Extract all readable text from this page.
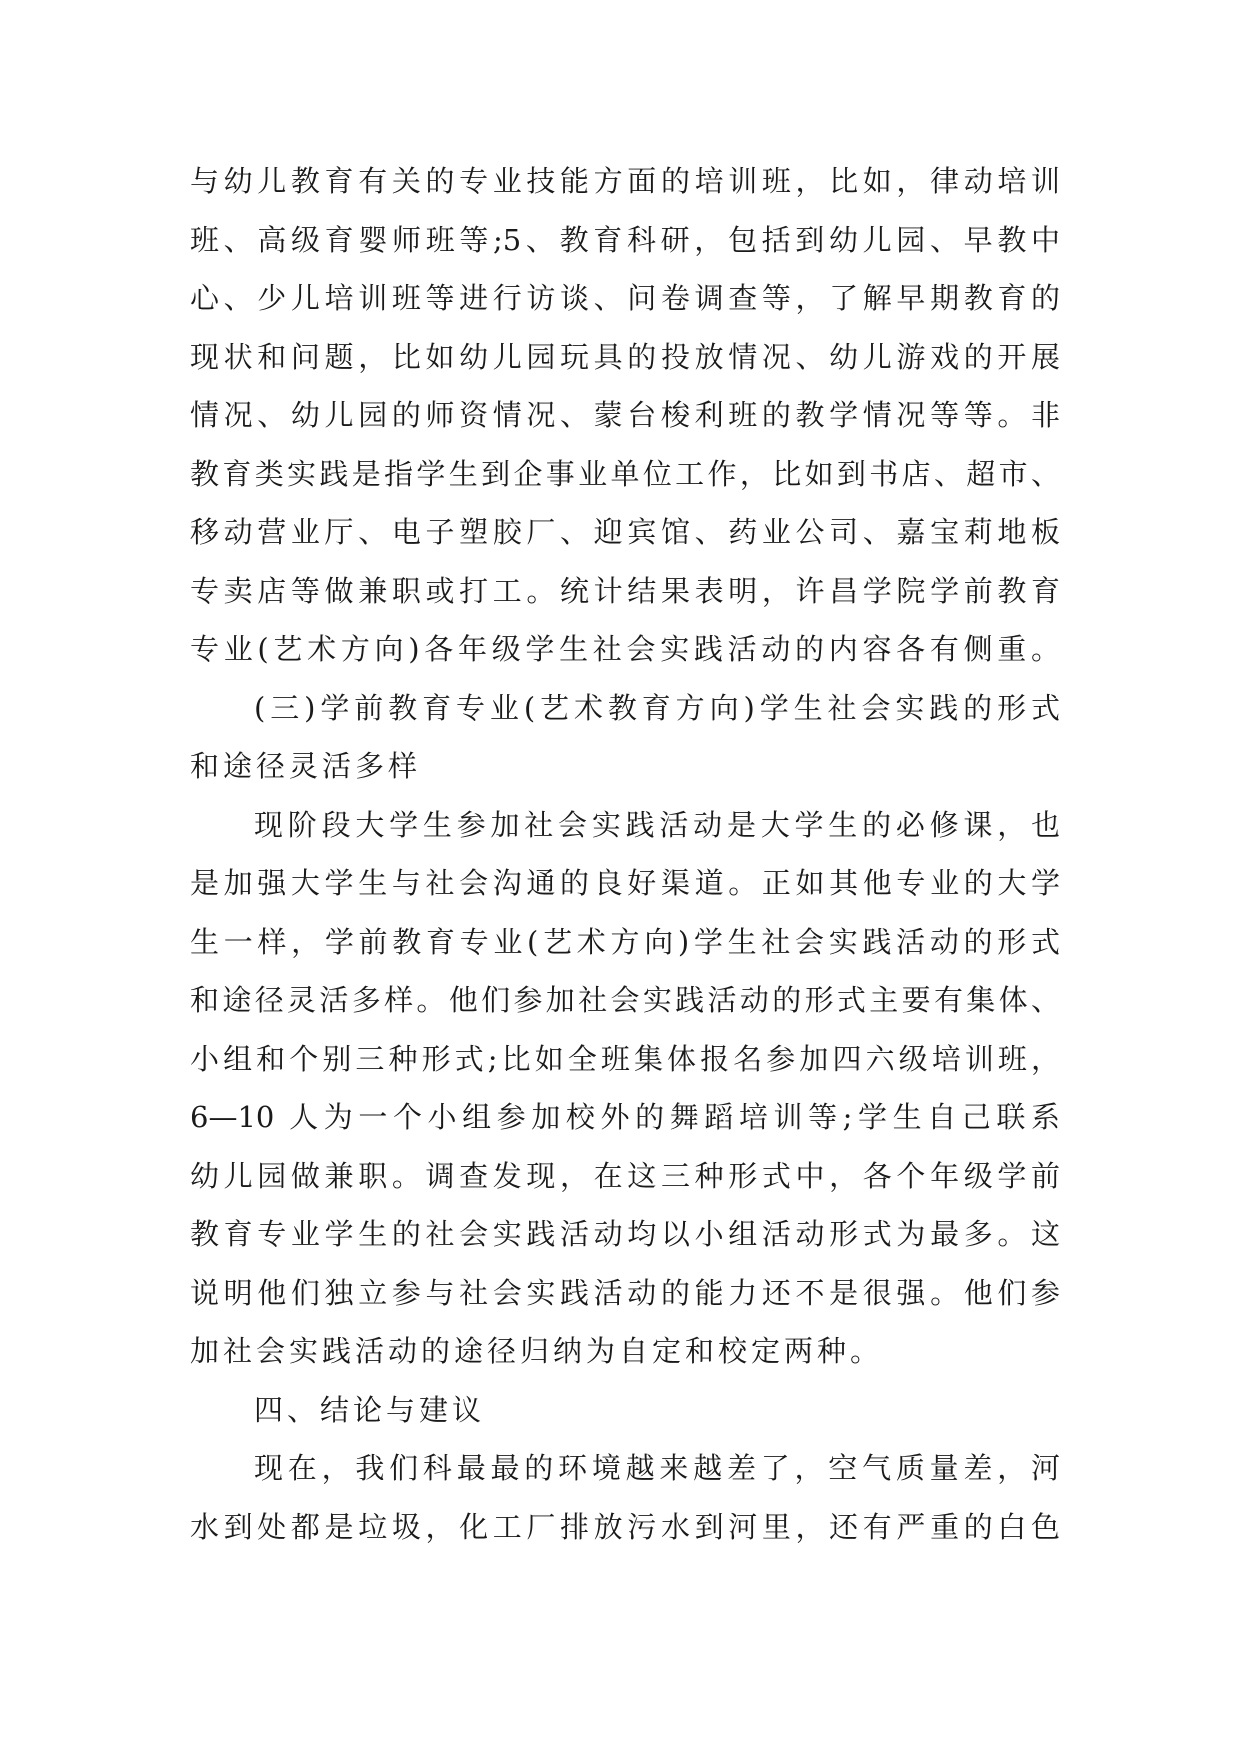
与幼儿教育有关的专业技能方面的培训班，比如，律动培训
班、高级育婴师班等;5、教育科研，包括到幼儿园、早教中
心、少儿培训班等进行访谈、问卷调查等，了解早期教育的
现状和问题，比如幼儿园玩具的投放情况、幼儿游戏的开展
情况、幼儿园的师资情况、蒙台梭利班的教学情况等等。非
教育类实践是指学生到企事业单位工作，比如到书店、超市、
移动营业厅、电子塑胶厂、迎宾馆、药业公司、嘉宝莉地板
专卖店等做兼职或打工。统计结果表明，许昌学院学前教育
专业(艺术方向)各年级学生社会实践活动的内容各有侧重。
(三)学前教育专业(艺术教育方向)学生社会实践的形式
和途径灵活多样
现阶段大学生参加社会实践活动是大学生的必修课，也
是加强大学生与社会沟通的良好渠道。正如其他专业的大学
生一样，学前教育专业(艺术方向)学生社会实践活动的形式
和途径灵活多样。他们参加社会实践活动的形式主要有集体、
小组和个别三种形式;比如全班集体报名参加四六级培训班，
6—10 人为一个小组参加校外的舞蹈培训等;学生自己联系
幼儿园做兼职。调查发现，在这三种形式中，各个年级学前
教育专业学生的社会实践活动均以小组活动形式为最多。这
说明他们独立参与社会实践活动的能力还不是很强。他们参
加社会实践活动的途径归纳为自定和校定两种。
四、结论与建议
现在，我们科最最的环境越来越差了，空气质量差，河
水到处都是垃圾，化工厂排放污水到河里，还有严重的白色
